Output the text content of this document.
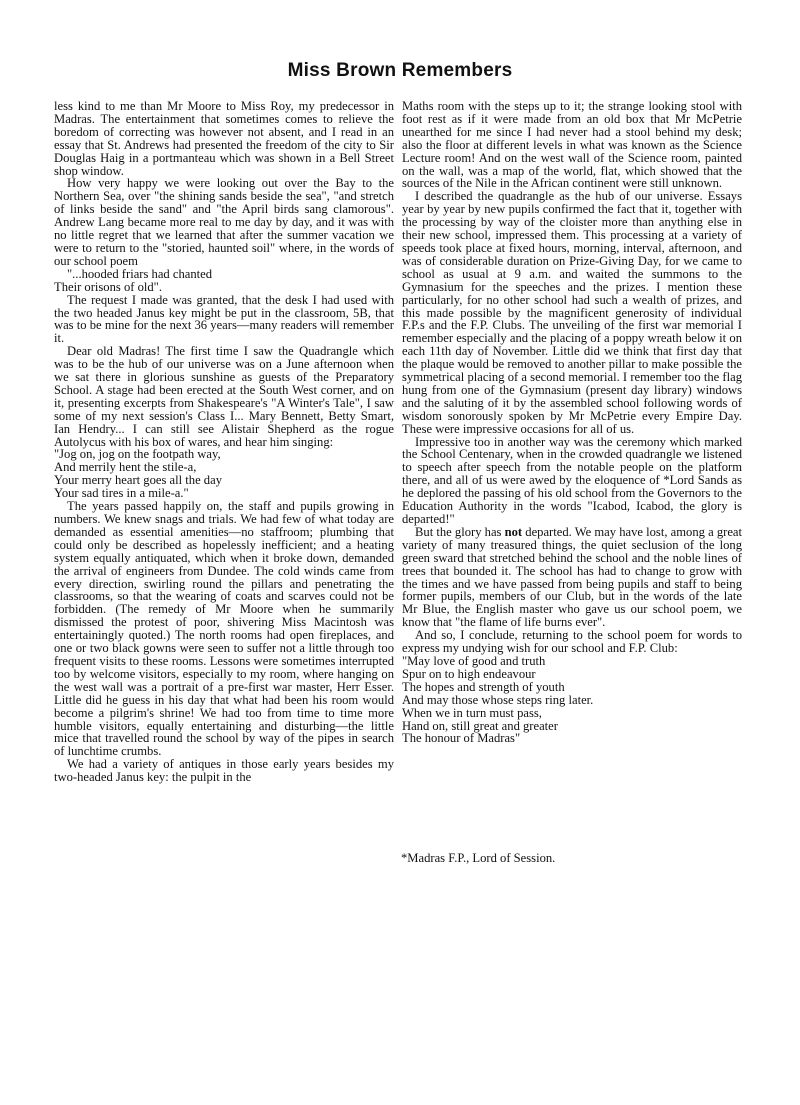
Miss Brown Remembers

less kind to me than Mr Moore to Miss Roy, my predecessor in Madras. The entertainment that sometimes comes to relieve the boredom of correcting was however not absent, and I read in an essay that St. Andrews had presented the freedom of the city to Sir Douglas Haig in a portmanteau which was shown in a Bell Street shop window.

How very happy we were looking out over the Bay to the Northern Sea, over "the shining sands beside the sea", "and stretch of links beside the sand" and "the April birds sang clamorous". Andrew Lang became more real to me day by day, and it was with no little regret that we learned that after the summer vacation we were to return to the "storied, haunted soil" where, in the words of our school poem

"...hooded friars had chanted

Their orisons of old".

The request I made was granted, that the desk I had used with the two headed Janus key might be put in the classroom, 5B, that was to be mine for the next 36 years—many readers will remember it.

Dear old Madras! The first time I saw the Quadrangle which was to be the hub of our universe was on a June afternoon when we sat there in glorious sunshine as guests of the Preparatory School. A stage had been erected at the South West corner, and on it, presenting excerpts from Shakespeare's "A Winter's Tale", I saw some of my next session's Class I... Mary Bennett, Betty Smart, Ian Hendry... I can still see Alistair Shepherd as the rogue Autolycus with his box of wares, and hear him singing:

"Jog on, jog on the footpath way,

And merrily hent the stile-a,

Your merry heart goes all the day

Your sad tires in a mile-a."

The years passed happily on, the staff and pupils growing in numbers. We knew snags and trials. We had few of what today are demanded as essential amenities—no staffroom; plumbing that could only be described as hopelessly inefficient; and a heating system equally antiquated, which when it broke down, demanded the arrival of engineers from Dundee. The cold winds came from every direction, swirling round the pillars and penetrating the classrooms, so that the wearing of coats and scarves could not be forbidden. (The remedy of Mr Moore when he summarily dismissed the protest of poor, shivering Miss Macintosh was entertainingly quoted.) The north rooms had open fireplaces, and one or two black gowns were seen to suffer not a little through too frequent visits to these rooms. Lessons were sometimes interrupted too by welcome visitors, especially to my room, where hanging on the west wall was a portrait of a pre-first war master, Herr Esser. Little did he guess in his day that what had been his room would become a pilgrim's shrine! We had too from time to time more humble visitors, equally entertaining and disturbing—the little mice that travelled round the school by way of the pipes in search of lunchtime crumbs.

We had a variety of antiques in those early years besides my two-headed Janus key: the pulpit in the

Maths room with the steps up to it; the strange looking stool with foot rest as if it were made from an old box that Mr McPetrie unearthed for me since I had never had a stool behind my desk; also the floor at different levels in what was known as the Science Lecture room! And on the west wall of the Science room, painted on the wall, was a map of the world, flat, which showed that the sources of the Nile in the African continent were still unknown.

I described the quadrangle as the hub of our universe. Essays year by year by new pupils confirmed the fact that it, together with the processing by way of the cloister more than anything else in their new school, impressed them. This processing at a variety of speeds took place at fixed hours, morning, interval, afternoon, and was of considerable duration on Prize-Giving Day, for we came to school as usual at 9 a.m. and waited the summons to the Gymnasium for the speeches and the prizes. I mention these particularly, for no other school had such a wealth of prizes, and this made possible by the magnificent generosity of individual F.P.s and the F.P. Clubs. The unveiling of the first war memorial I remember especially and the placing of a poppy wreath below it on each 11th day of November. Little did we think that first day that the plaque would be removed to another pillar to make possible the symmetrical placing of a second memorial. I remember too the flag hung from one of the Gymnasium (present day library) windows and the saluting of it by the assembled school following words of wisdom sonorously spoken by Mr McPetrie every Empire Day. These were impressive occasions for all of us.

Impressive too in another way was the ceremony which marked the School Centenary, when in the crowded quadrangle we listened to speech after speech from the notable people on the platform there, and all of us were awed by the eloquence of *Lord Sands as he deplored the passing of his old school from the Governors to the Education Authority in the words "Icabod, Icabod, the glory is departed!"

But the glory has not departed. We may have lost, among a great variety of many treasured things, the quiet seclusion of the long green sward that stretched behind the school and the noble lines of trees that bounded it. The school has had to change to grow with the times and we have passed from being pupils and staff to being former pupils, members of our Club, but in the words of the late Mr Blue, the English master who gave us our school poem, we know that "the flame of life burns ever".

And so, I conclude, returning to the school poem for words to express my undying wish for our school and F.P. Club:

"May love of good and truth

Spur on to high endeavour

The hopes and strength of youth

And may those whose steps ring later.

When we in turn must pass,

Hand on, still great and greater

The honour of Madras"

*Madras F.P., Lord of Session.
